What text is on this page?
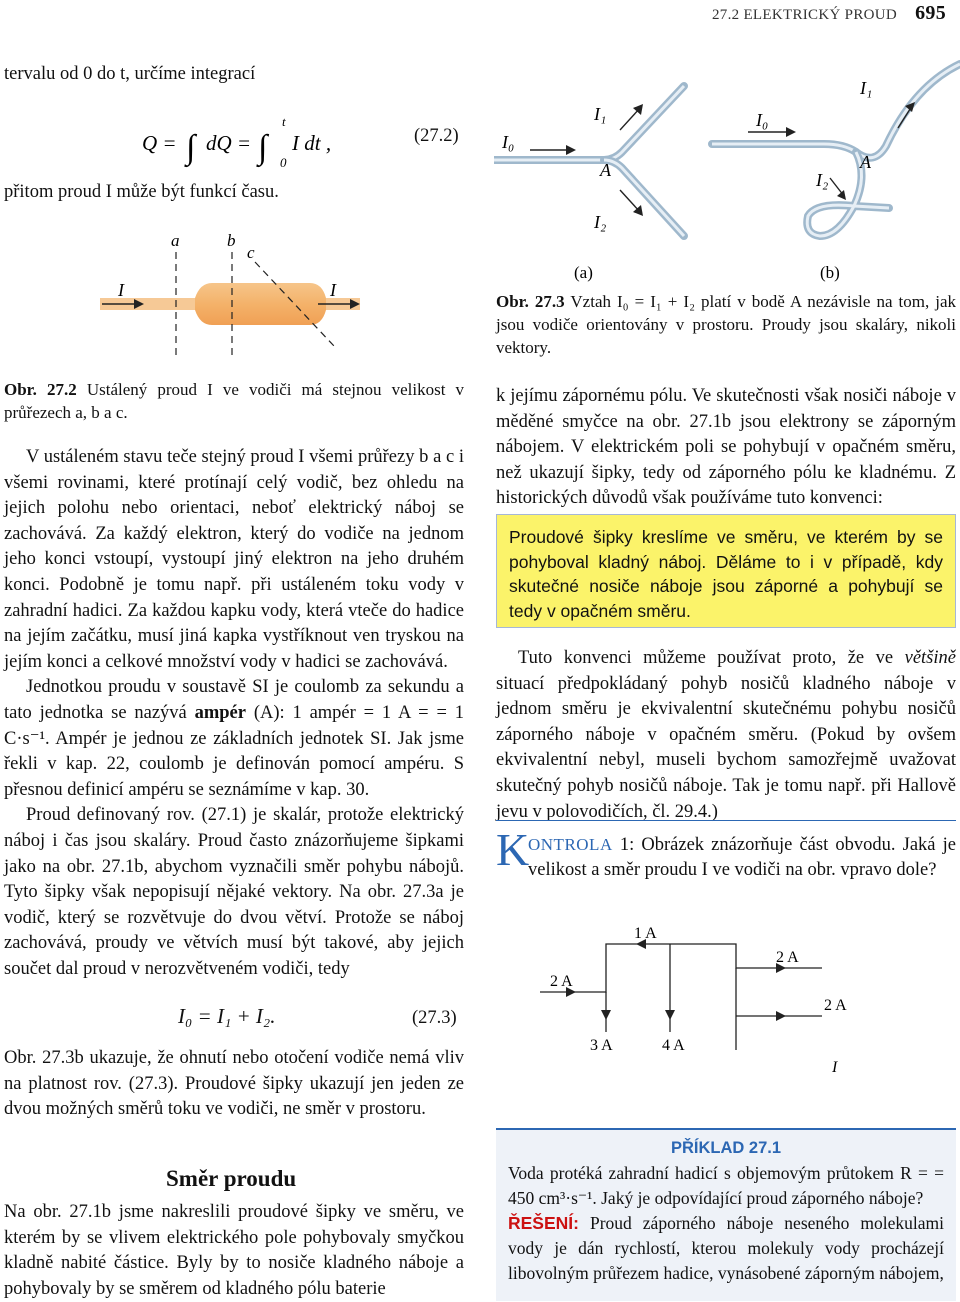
27.2 ELEKTRICKÝ PROUD 695
tervalu od 0 do t, určíme integrací
Q = ∫ dQ = ∫ 0
t
I dt ,	(27.2)
přitom proud I může být funkcí času.
I	I
a	b
c
Obr. 27.2 Ustálený proud I ve vodiči má stejnou velikost v průřezech a, b a c.

V ustáleném stavu teče stejný proud I všemi průřezy b a c i všemi rovinami, které protínají celý vodič, bez ohledu na jejich polohu nebo orientaci, neboť elektrický náboj se zachovává. Za každý elektron, který do vodiče na jednom jeho konci vstoupí, vystoupí jiný elektron na jeho druhém konci. Podobně je tomu např. při ustáleném toku vody v zahradní hadici. Za každou kapku vody, která vteče do hadice na jejím začátku, musí jiná kapka vystříknout ven tryskou na jejím konci a celkové množství vody v hadici se zachovává.

Jednotkou proudu v soustavě SI je coulomb za sekundu a tato jednotka se nazývá ampér (A): 1 ampér = 1 A = = 1 C·s⁻¹. Ampér je jednou ze základních jednotek SI. Jak jsme řekli v kap. 22, coulomb je definován pomocí ampéru. S přesnou definicí ampéru se seznámíme v kap. 30.

Proud definovaný rov. (27.1) je skalár, protože elektrický náboj i čas jsou skaláry. Proud často znázorňujeme šipkami jako na obr. 27.1b, abychom vyznačili směr pohybu nábojů. Tyto šipky však nepopisují nějaké vektory. Na obr. 27.3a je vodič, který se rozvětvuje do dvou větví. Protože se náboj zachovává, proudy ve větvích musí být takové, aby jejich součet dal proud v nerozvětveném vodiči, tedy

I₀ = I₁ + I₂.	(27.3)
Obr. 27.3b ukazuje, že ohnutí nebo otočení vodiče nemá vliv na platnost rov. (27.3). Proudové šipky ukazují jen jeden ze dvou možných směrů toku ve vodiči, ne směr v prostoru.
Směr proudu
Na obr. 27.1b jsme nakreslili proudové šipky ve směru, ve kterém by se vlivem elektrického pole pohybovaly smyčkou kladně nabité částice. Byly by to nosiče kladného náboje a pohybovaly by se směrem od kladného pólu baterie
I₀
I₁
A
I₂
(a)
I₀
I₁
A
I₂
(b)
Obr. 27.3 Vztah I₀ = I₁ + I₂ platí v bodě A nezávisle na tom, jak jsou vodiče orientovány v prostoru. Proudy jsou skaláry, nikoli vektory.
k jejímu zápornému pólu. Ve skutečnosti však nosiči náboje v měděné smyčce na obr. 27.1b jsou elektrony se záporným nábojem. V elektrickém poli se pohybují v opačném směru, než ukazují šipky, tedy od záporného pólu ke kladnému. Z historických důvodů však používáme tuto konvenci:
Proudové šipky kreslíme ve směru, ve kterém by se pohyboval kladný náboj. Děláme to i v případě, kdy skutečné nosiče náboje jsou záporné a pohybují se tedy v opačném směru.

Tuto konvenci můžeme používat proto, že ve většině situací předpokládaný pohyb nosičů kladného náboje v jednom směru je ekvivalentní skutečnému pohybu nosičů záporného náboje v opačném směru. (Pokud by ovšem ekvivalentní nebyl, museli bychom samozřejmě uvažovat skutečný pohyb nosičů náboje. Tak je tomu např. při Hallově jevu v polovodičích, čl. 29.4.)

K
ONTROLA 1: Obrázek znázorňuje část obvodu. Jaká je velikost a směr proudu I ve vodiči na obr. vpravo dole?
2 A
1 A
2 A
2 A
3 A	4 A
I
PŘÍKLAD 27.1
Voda protéká zahradní hadicí s objemovým průtokem R = = 450 cm³·s⁻¹. Jaký je odpovídající proud záporného náboje?
ŘEŠENÍ: Proud záporného náboje neseného molekulami vody je dán rychlostí, kterou molekuly vody procházejí libovolným průřezem hadice, vynásobené záporným nábojem,
